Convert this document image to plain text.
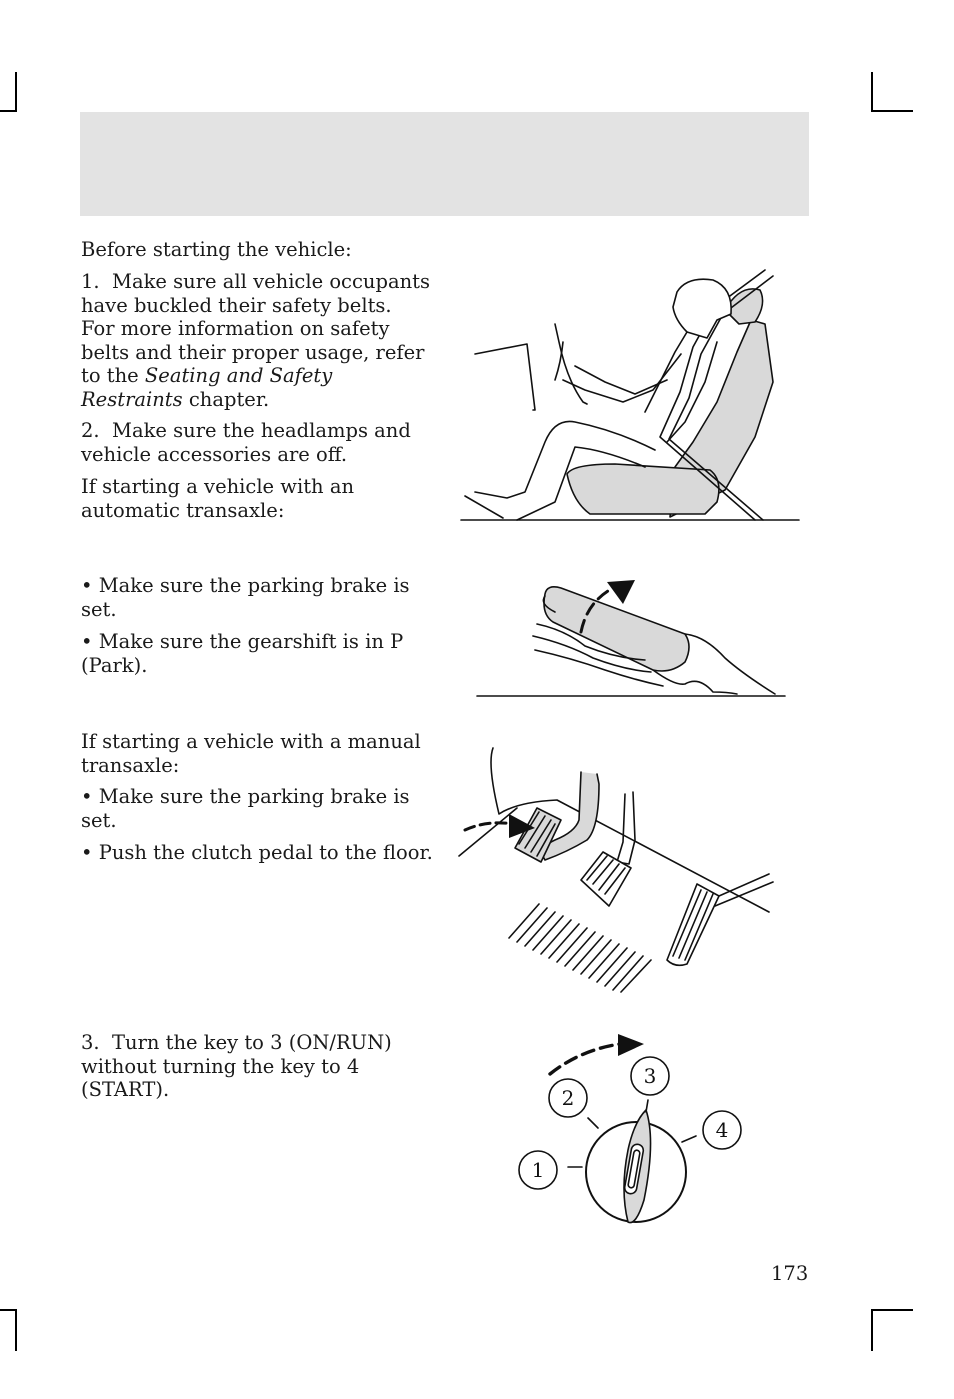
Before starting the vehicle:

1.  Make sure all vehicle occupants have buckled their safety belts. For more information on safety belts and their proper usage, refer to the Seating and Safety Restraints chapter.

2.  Make sure the headlamps and vehicle accessories are off.

If starting a vehicle with an automatic transaxle:

• Make sure the parking brake is set.

• Make sure the gearshift is in P (Park).

If starting a vehicle with a manual transaxle:

• Make sure the parking brake is set.

• Push the clutch pedal to the floor.

3.  Turn the key to 3 (ON/RUN) without turning the key to 4 (START).

1
2
3
4
173
